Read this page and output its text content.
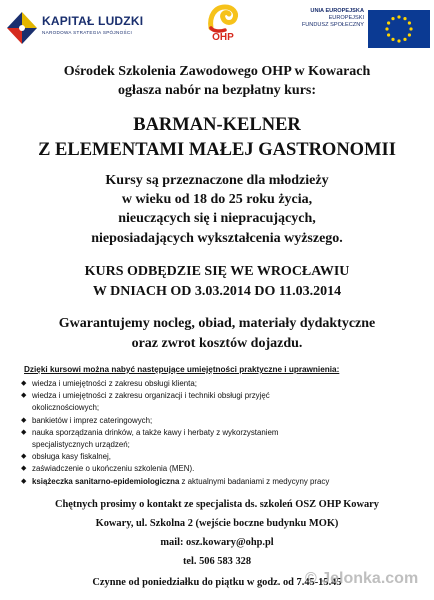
KAPITAŁ LUDZKI
NARODOWA STRATEGIA SPÓJNOŚCI	OHP
UNIA EUROPEJSKA
EUROPEJSKI
FUNDUSZ SPOŁECZNY
Ośrodek Szkolenia Zawodowego OHP w Kowarach
ogłasza nabór na bezpłatny kurs:
BARMAN-KELNER
Z ELEMENTAMI MAŁEJ GASTRONOMII
Kursy są przeznaczone dla młodzieży
w wieku od 18 do 25 roku życia,
nieuczących się i niepracujących,
nieposiadających wykształcenia wyższego.
KURS ODBĘDZIE SIĘ WE WROCŁAWIU
W DNIACH OD 3.03.2014 DO 11.03.2014
Gwarantujemy nocleg, obiad, materiały dydaktyczne
oraz zwrot kosztów dojazdu.
Dzięki kursowi można nabyć następujące umiejętności praktyczne i uprawnienia:
◆ wiedza i umiejętności z zakresu obsługi klienta;
◆ wiedza i umiejętności z zakresu organizacji i techniki obsługi przyjęć
okolicznościowych;
◆ bankietów i imprez cateringowych;
◆ nauka sporządzania drinków, a także kawy i herbaty z wykorzystaniem
specjalistycznych urządzeń;
◆ obsługa kasy fiskalnej,
◆ zaświadczenie o ukończeniu szkolenia (MEN).
◆ książeczka sanitarno-epidemiologiczna z aktualnymi badaniami z medycyny pracy
Chętnych prosimy o kontakt ze specjalista ds. szkoleń OSZ OHP Kowary
Kowary, ul. Szkolna 2 (wejście boczne budynku MOK)
mail: osz.kowary@ohp.pl
tel. 506 583 328
Czynne od poniedziałku do piątku w godz. od 7.45-15.45
© Jelonka.com
